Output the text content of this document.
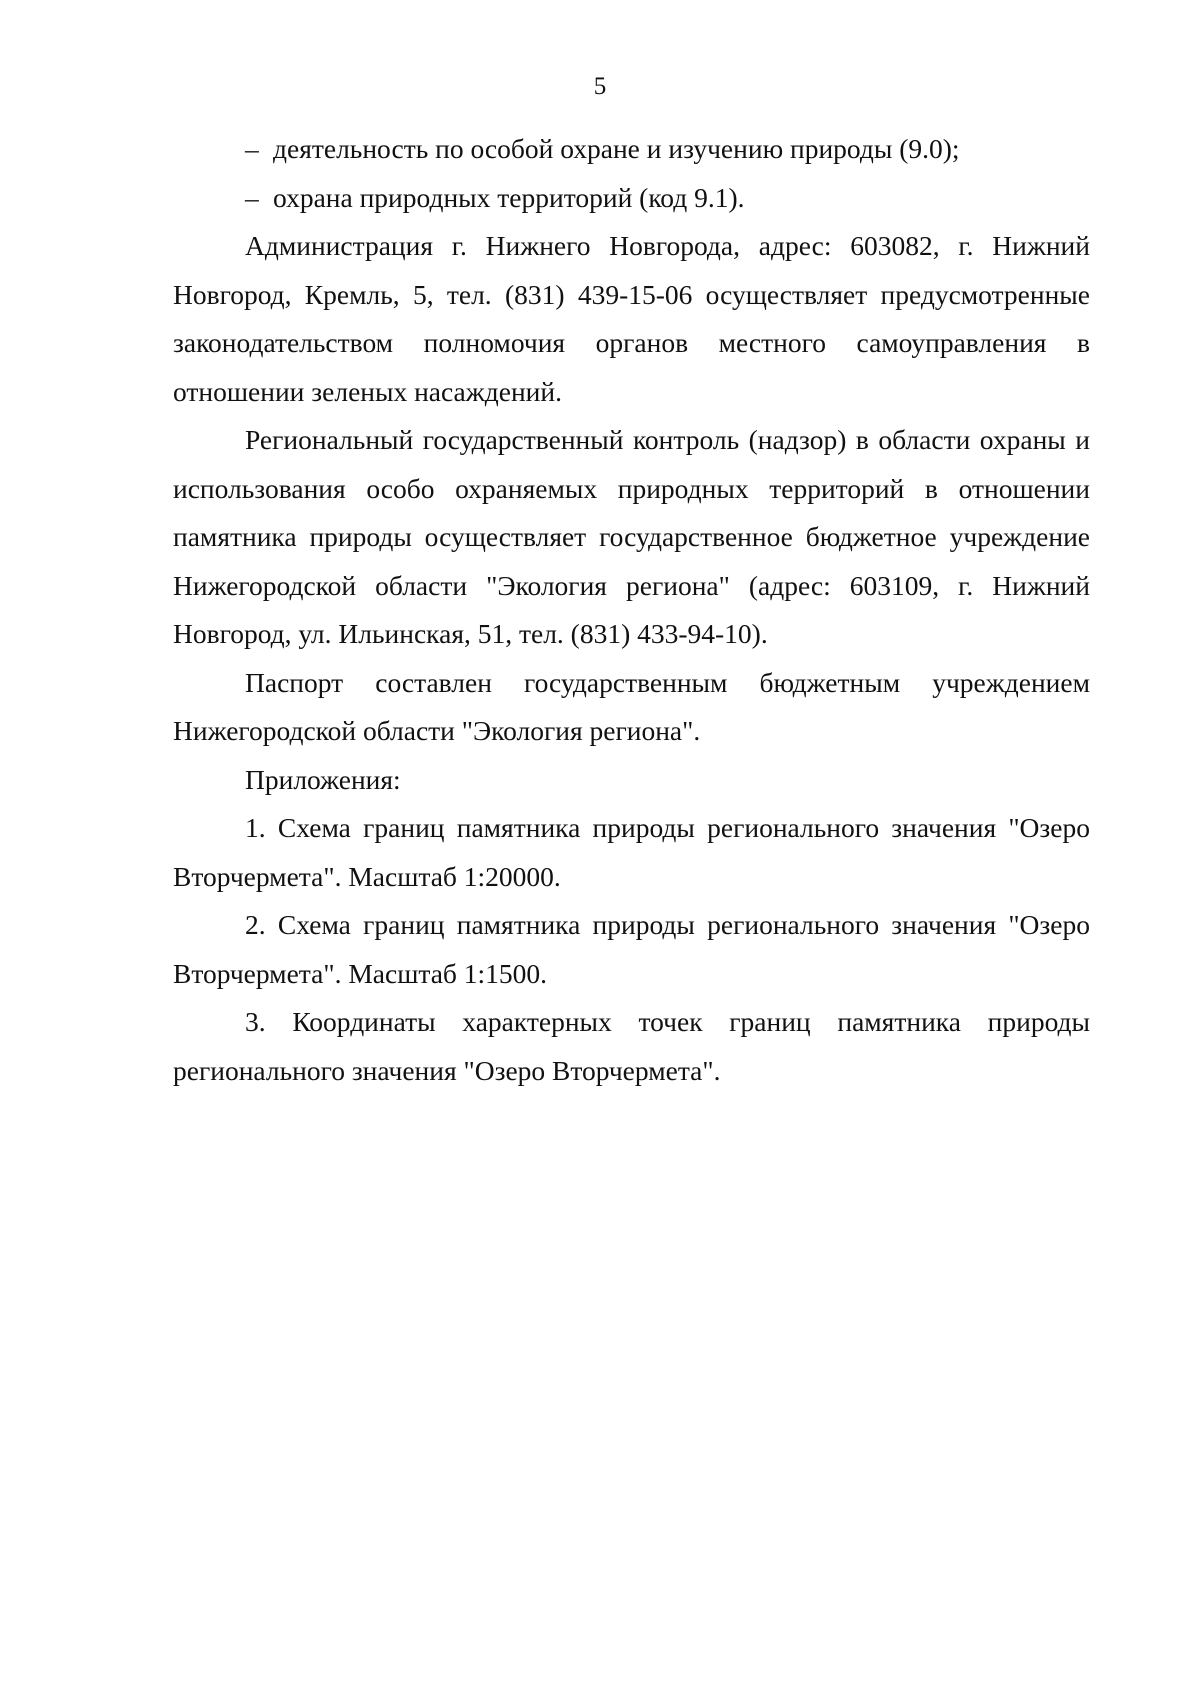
5

– деятельность по особой охране и изучению природы (9.0);

– охрана природных территорий (код 9.1).

Администрация г. Нижнего Новгорода, адрес: 603082, г. Нижний Новгород, Кремль, 5, тел. (831) 439-15-06 осуществляет предусмотренные законодательством полномочия органов местного самоуправления в отношении зеленых насаждений.

Региональный государственный контроль (надзор) в области охраны и использования особо охраняемых природных территорий в отношении памятника природы осуществляет государственное бюджетное учреждение Нижегородской области "Экология региона" (адрес: 603109, г. Нижний Новгород, ул. Ильинская, 51, тел. (831) 433-94-10).

Паспорт составлен государственным бюджетным учреждением Нижегородской области "Экология региона".

Приложения:

1. Схема границ памятника природы регионального значения "Озеро Вторчермета". Масштаб 1:20000.

2. Схема границ памятника природы регионального значения "Озеро Вторчермета". Масштаб 1:1500.

3. Координаты характерных точек границ памятника природы регионального значения "Озеро Вторчермета".
